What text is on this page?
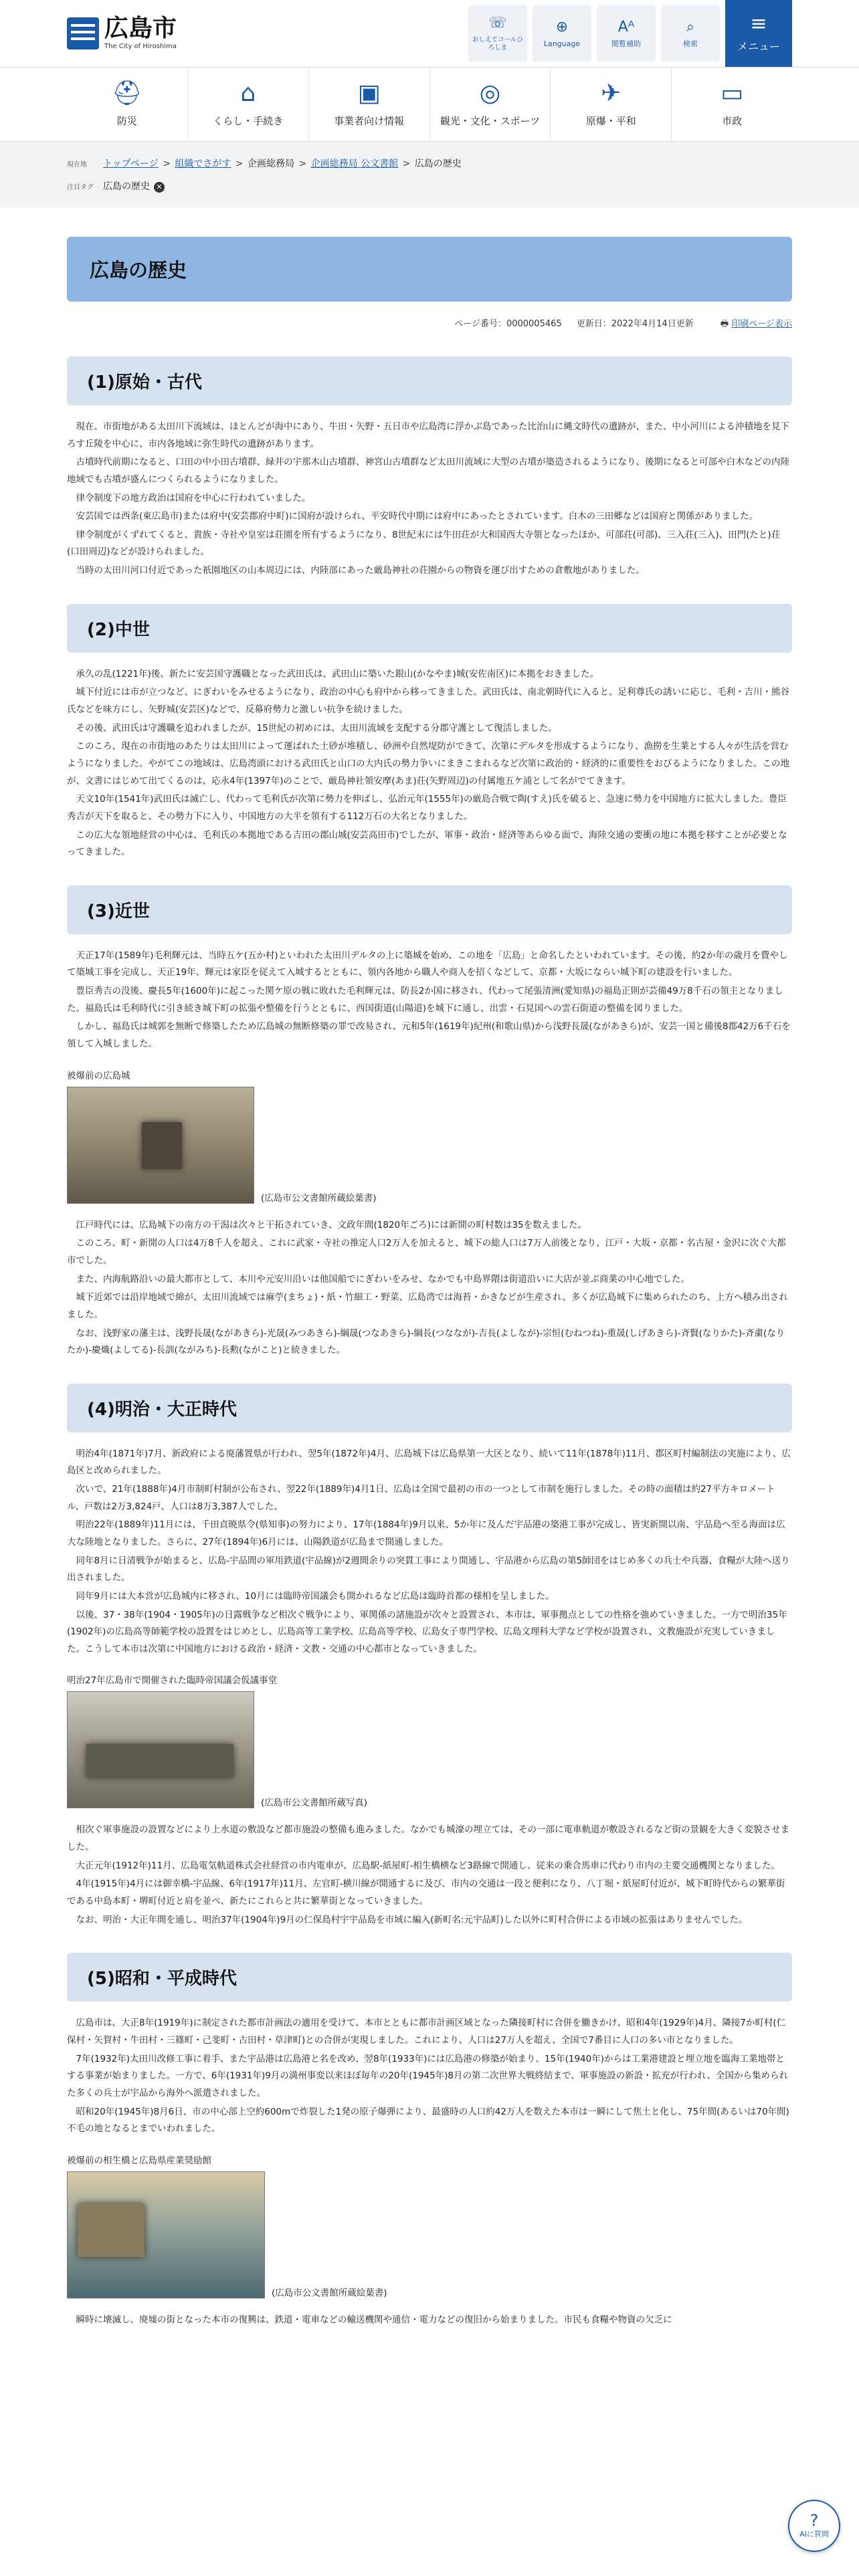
広島市
The City of Hiroshima
☏
おしえてコールひろしま
⊕
Language
Aᴬ
閲覧補助
⌕
検索
≡
メニュー
⛑
防災
⌂
くらし・手続き
▣
事業者向け情報
◎
観光・文化・スポーツ
✈
原爆・平和
▭
市政
現在地	トップページ > 組織でさがす > 企画総務局 > 企画総務局 公文書館 > 広島の歴史
注目タグ 広島の歴史 ✕
広島の歴史
ページ番号：0000005465 更新日：2022年4月14日更新	🖶 印刷ページ表示
(1)原始・古代

現在、市街地がある太田川下流域は、ほとんどが海中にあり、牛田・矢野・五日市や広島湾に浮かぶ島であった比治山に縄文時代の遺跡が、また、中小河川による沖積地を見下ろす丘陵を中心に、市内各地域に弥生時代の遺跡があります。

古墳時代前期になると、口田の中小田古墳群、緑井の宇那木山古墳群、神宮山古墳群など太田川流域に大型の古墳が築造されるようになり、後期になると可部や白木などの内陸地域でも古墳が盛んにつくられるようになりました。

律令制度下の地方政治は国府を中心に行われていました。

安芸国では西条(東広島市)または府中(安芸郡府中町)に国府が設けられ、平安時代中期には府中にあったとされています。白木の三田郷などは国府と関係がありました。

律令制度がくずれてくると、貴族・寺社や皇室は荘園を所有するようになり、8世紀末には牛田荘が大和国西大寺領となったほか、可部荘(可部)、三入荘(三入)、田門(たと)荘(口田周辺)などが設けられました。

当時の太田川河口付近であった祇園地区の山本周辺には、内陸部にあった厳島神社の荘園からの物資を運び出すための倉敷地がありました。

(2)中世

承久の乱(1221年)後、新たに安芸国守護職となった武田氏は、武田山に築いた銀山(かなやま)城(安佐南区)に本拠をおきました。

城下付近には市が立つなど、にぎわいをみせるようになり、政治の中心も府中から移ってきました。武田氏は、南北朝時代に入ると、足利尊氏の誘いに応じ、毛利・吉川・熊谷氏などを味方にし、矢野城(安芸区)などで、反幕府勢力と激しい抗争を続けました。

その後、武田氏は守護職を追われましたが、15世紀の初めには、太田川流域を支配する分郡守護として復活しました。

このころ、現在の市街地のあたりは太田川によって運ばれた土砂が堆積し、砂洲や自然堤防ができて、次第にデルタを形成するようになり、漁撈を生業とする人々が生活を営むようになりました。やがてこの地域は、広島湾頭における武田氏と山口の大内氏の勢力争いにまきこまれるなど次第に政治的・経済的に重要性をおびるようになりました。この地が、文書にはじめて出てくるのは、応永4年(1397年)のことで、厳島神社領安摩(あま)荘(矢野周辺)の付属地五ケ浦として名がでてきます。

天文10年(1541年)武田氏は滅亡し、代わって毛利氏が次第に勢力を伸ばし、弘治元年(1555年)の厳島合戦で陶(すえ)氏を破ると、急速に勢力を中国地方に拡大しました。豊臣秀吉が天下を取ると、その勢力下に入り、中国地方の大半を領有する112万石の大名となりました。

この広大な領地経営の中心は、毛利氏の本拠地である吉田の郡山城(安芸高田市)でしたが、軍事・政治・経済等あらゆる面で、海陸交通の要衝の地に本拠を移すことが必要となってきました。

(3)近世

天正17年(1589年)毛利輝元は、当時五ケ(五か村)といわれた太田川デルタの上に築城を始め、この地を「広島」と命名したといわれています。その後、約2か年の歳月を費やして築城工事を完成し、天正19年、輝元は家臣を従えて入城するとともに、領内各地から職人や商人を招くなどして、京都・大坂にならい城下町の建設を行いました。

豊臣秀吉の没後、慶長5年(1600年)に起こった関ケ原の戦に敗れた毛利輝元は、防長2か国に移され、代わって尾張清洲(愛知県)の福島正則が芸備49万8千石の領主となりました。福島氏は毛利時代に引き続き城下町の拡張や整備を行うとともに、西国街道(山陽道)を城下に通し、出雲・石見国への雲石街道の整備を図りました。

しかし、福島氏は城郭を無断で修築したため広島城の無断修築の罪で改易され、元和5年(1619年)紀州(和歌山県)から浅野長晟(ながあきら)が、安芸一国と備後8郡42万6千石を領して入城しました。

被爆前の広島城
(広島市公文書館所蔵絵葉書)

江戸時代には、広島城下の南方の干潟は次々と干拓されていき、文政年間(1820年ごろ)には新開の町村数は35を数えました。

このころ、町・新開の人口は4万8千人を超え、これに武家・寺社の推定人口2万人を加えると、城下の総人口は7万人前後となり、江戸・大坂・京都・名古屋・金沢に次ぐ大都市でした。

また、内海航路沿いの最大都市として、本川や元安川沿いは他国船でにぎわいをみせ、なかでも中島界隈は街道沿いに大店が並ぶ商業の中心地でした。

城下近郊では沿岸地域で綿が、太田川流域では麻苧(まちょ)・紙・竹細工・野菜、広島湾では海苔・かきなどが生産され、多くが広島城下に集められたのち、上方へ積み出されました。

なお、浅野家の藩主は、浅野長晟(ながあきら)-光晟(みつあきら)-綱晟(つなあきら)-綱長(つななが)-吉長(よしなが)-宗恒(むねつね)-重晟(しげあきら)-斉賢(なりかた)-斉粛(なりたか)-慶熾(よしてる)-長訓(ながみち)-長勲(ながこと)と続きました。

(4)明治・大正時代

明治4年(1871年)7月、新政府による廃藩置県が行われ、翌5年(1872年)4月、広島城下は広島県第一大区となり、続いて11年(1878年)11月、郡区町村編制法の実施により、広島区と改められました。

次いで、21年(1888年)4月市制町村制が公布され、翌22年(1889年)4月1日、広島は全国で最初の市の一つとして市制を施行しました。その時の面積は約27平方キロメートル、戸数は2万3,824戸、人口は8万3,387人でした。

明治22年(1889年)11月には、千田貞暁県令(県知事)の努力により、17年(1884年)9月以来、5か年に及んだ宇品港の築港工事が完成し、皆実新開以南、宇品島へ至る海面は広大な陸地となりました。さらに、27年(1894年)6月には、山陽鉄道が広島まで開通しました。

同年8月に日清戦争が始まると、広島-宇品間の軍用鉄道(宇品線)が2週間余りの突貫工事により開通し、宇品港から広島の第5師団をはじめ多くの兵士や兵器、食糧が大陸へ送り出されました。

同年9月には大本営が広島城内に移され、10月には臨時帝国議会も開かれるなど広島は臨時首都の様相を呈しました。

以後、37・38年(1904・1905年)の日露戦争など相次ぐ戦争により、軍関係の諸施設が次々と設置され、本市は、軍事拠点としての性格を強めていきました。一方で明治35年(1902年)の広島高等師範学校の設置をはじめとし、広島高等工業学校、広島高等学校、広島女子専門学校、広島文理科大学など学校が設置され、文教施設が充実していきました。こうして本市は次第に中国地方における政治・経済・文教・交通の中心都市となっていきました。

明治27年広島市で開催された臨時帝国議会仮議事堂
(広島市公文書館所蔵写真)

相次ぐ軍事施設の設置などにより上水道の敷設など都市施設の整備も進みました。なかでも城濠の埋立ては、その一部に電車軌道が敷設されるなど街の景観を大きく変貌させました。

大正元年(1912年)11月、広島電気軌道株式会社経営の市内電車が、広島駅-紙屋町-相生橋横など3路線で開通し、従来の乗合馬車に代わり市内の主要交通機関となりました。

4年(1915年)4月には御幸橋-宇品線、6年(1917年)11月、左官町-横川線が開通するに及び、市内の交通は一段と便利になり、八丁堀・紙屋町付近が、城下町時代からの繁華街である中島本町・堺町付近と肩を並べ、新たにこれらと共に繁華街となっていきました。

なお、明治・大正年間を通し、明治37年(1904年)9月の仁保島村宇宇品島を市域に編入(新町名:元宇品町)した以外に町村合併による市域の拡張はありませんでした。

(5)昭和・平成時代

広島市は、大正8年(1919年)に制定された都市計画法の適用を受けて、本市とともに都市計画区域となった隣接町村に合併を働きかけ、昭和4年(1929年)4月、隣接7か町村(仁保村・矢賀村・牛田村・三篠町・己斐町・古田村・草津町)との合併が実現しました。これにより、人口は27万人を超え、全国で7番目に人口の多い市となりました。

7年(1932年)太田川改修工事に着手、また宇品港は広島港と名を改め、翌8年(1933年)には広島港の修築が始まり、15年(1940年)からは工業港建設と埋立地を臨海工業地帯とする事業が始まりました。一方で、6年(1931年)9月の満州事変以来ほぼ毎年の20年(1945年)8月の第二次世界大戦終結まで、軍事施設の新設・拡充が行われ、全国から集められた多くの兵士が宇品から海外へ派遣されました。

昭和20年(1945年)8月6日、市の中心部上空約600mで炸裂した1発の原子爆弾により、最盛時の人口約42万人を数えた本市は一瞬にして焦土と化し、75年間(あるいは70年間)不毛の地となるとまでいわれました。

被爆前の相生橋と広島県産業奨励館
(広島市公文書館所蔵絵葉書)

瞬時に壊滅し、廃墟の街となった本市の復興は、鉄道・電車などの輸送機関や通信・電力などの復旧から始まりました。市民も食糧や物資の欠乏に

?
AIに質問
